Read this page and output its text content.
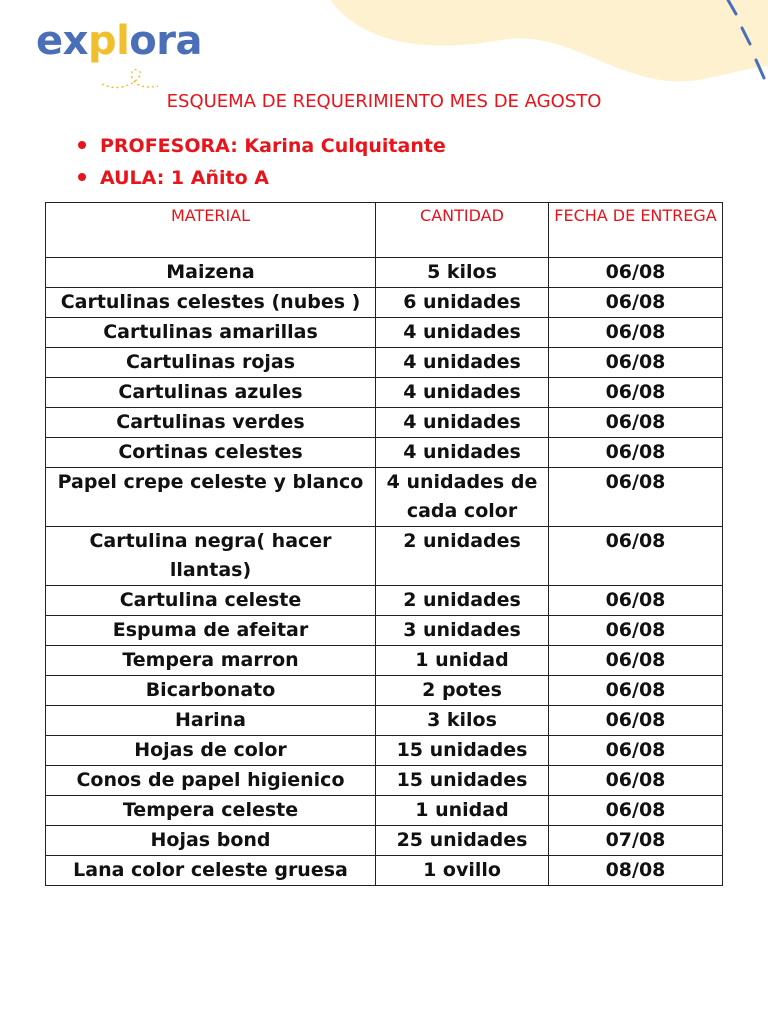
explora
ESQUEMA DE REQUERIMIENTO MES DE AGOSTO
PROFESORA: Karina Culquitante
AULA: 1 Añito A
MATERIAL	CANTIDAD	FECHA DE ENTREGA
Maizena	5 kilos	06/08
Cartulinas celestes (nubes )	6 unidades	06/08
Cartulinas amarillas	4 unidades	06/08
Cartulinas rojas	4 unidades	06/08
Cartulinas azules	4 unidades	06/08
Cartulinas verdes	4 unidades	06/08
Cortinas celestes	4 unidades	06/08
Papel crepe celeste y blanco	4 unidades de cada color	06/08
Cartulina negra( hacer llantas)	2 unidades	06/08
Cartulina celeste	2 unidades	06/08
Espuma de afeitar	3 unidades	06/08
Tempera marron	1 unidad	06/08
Bicarbonato	2 potes	06/08
Harina	3 kilos	06/08
Hojas de color	15 unidades	06/08
Conos de papel higienico	15 unidades	06/08
Tempera celeste	1 unidad	06/08
Hojas bond	25 unidades	07/08
Lana color celeste gruesa	1 ovillo	08/08
